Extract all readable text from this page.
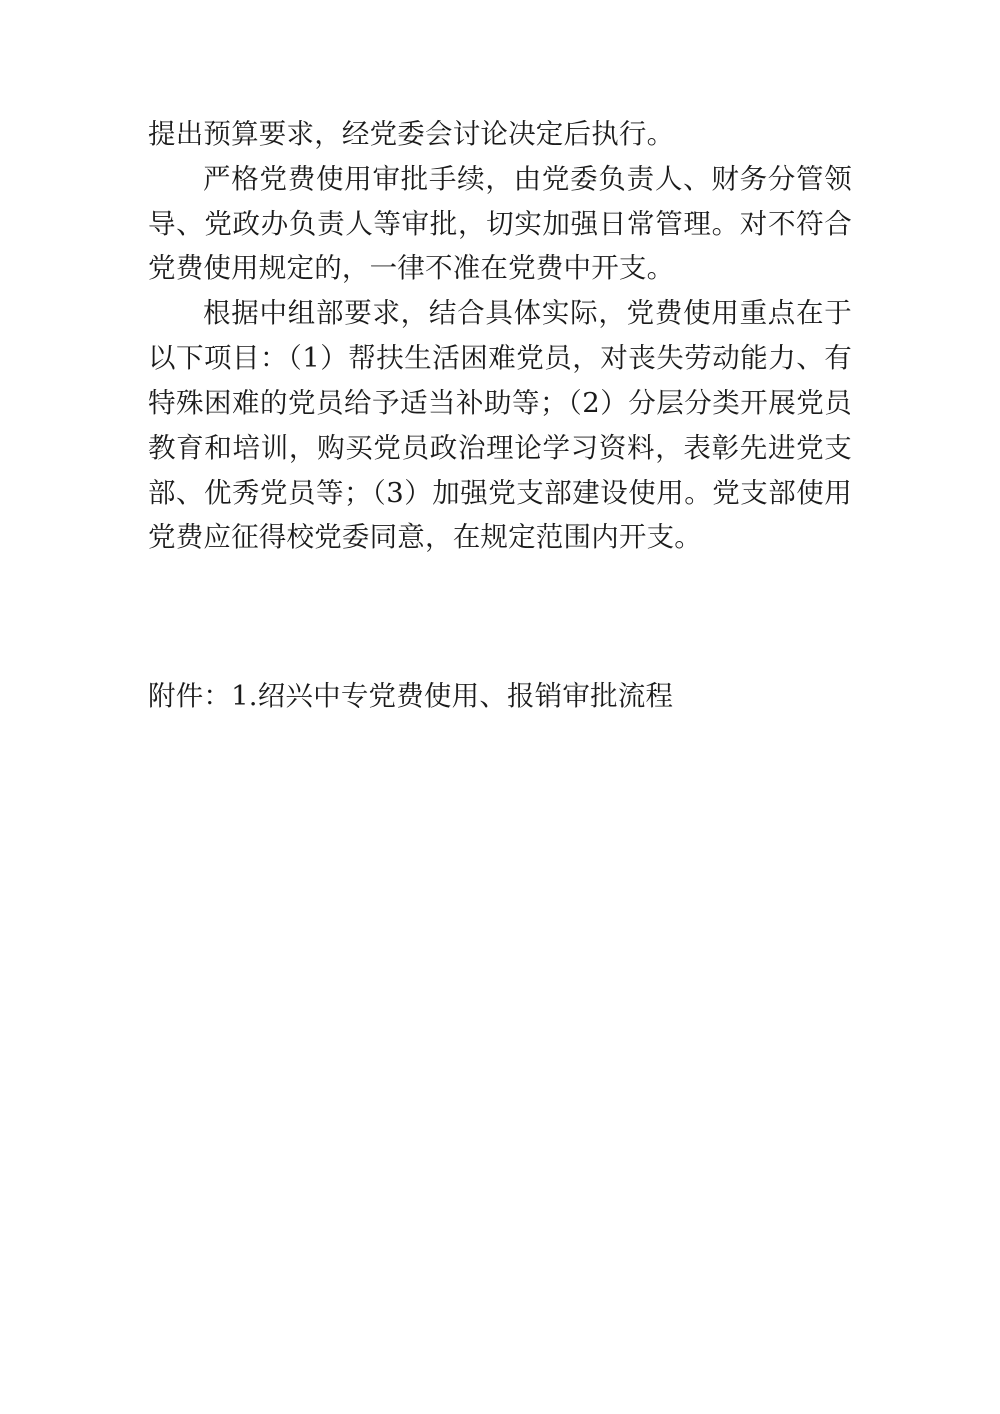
提出预算要求，经党委会讨论决定后执行。

严格党费使用审批手续，由党委负责人、财务分管领导、党政办负责人等审批，切实加强日常管理。对不符合党费使用规定的，一律不准在党费中开支。

根据中组部要求，结合具体实际，党费使用重点在于以下项目：（1）帮扶生活困难党员，对丧失劳动能力、有特殊困难的党员给予适当补助等；（2）分层分类开展党员教育和培训，购买党员政治理论学习资料，表彰先进党支部、优秀党员等；（3）加强党支部建设使用。党支部使用党费应征得校党委同意，在规定范围内开支。

附件：1.绍兴中专党费使用、报销审批流程
